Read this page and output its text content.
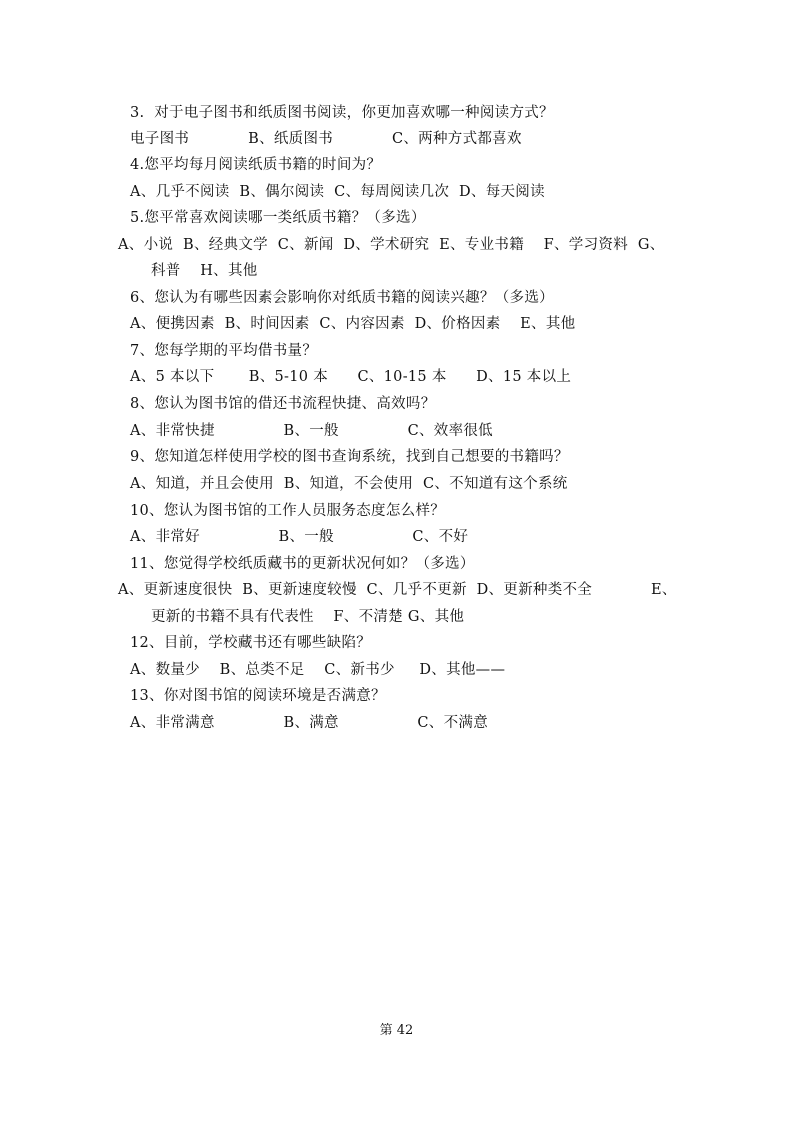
3.  对于电子图书和纸质图书阅读，你更加喜欢哪一种阅读方式？
电子图书            B、纸质图书            C、两种方式都喜欢
4.您平均每月阅读纸质书籍的时间为？
A、几乎不阅读  B、偶尔阅读  C、每周阅读几次  D、每天阅读
5.您平常喜欢阅读哪一类纸质书籍？（多选）
A、小说  B、经典文学  C、新闻  D、学术研究  E、专业书籍    F、学习资料  G、
科普    H、其他
6、您认为有哪些因素会影响你对纸质书籍的阅读兴趣？（多选）
A、便携因素  B、时间因素  C、内容因素  D、价格因素    E、其他
7、您每学期的平均借书量？
A、5 本以下       B、5-10 本      C、10-15 本      D、15 本以上
8、您认为图书馆的借还书流程快捷、高效吗？
A、非常快捷              B、一般              C、效率很低
9、您知道怎样使用学校的图书查询系统，找到自己想要的书籍吗？
A、知道，并且会使用  B、知道，不会使用  C、不知道有这个系统
10、您认为图书馆的工作人员服务态度怎么样？
A、非常好                B、一般                C、不好
11、您觉得学校纸质藏书的更新状况何如？（多选）
A、更新速度很快  B、更新速度较慢  C、几乎不更新  D、更新种类不全            E、
更新的书籍不具有代表性    F、不清楚 G、其他
12、目前，学校藏书还有哪些缺陷？
A、数量少    B、总类不足    C、新书少     D、其他——
13、你对图书馆的阅读环境是否满意？
A、非常满意              B、满意                C、不满意
第 42
